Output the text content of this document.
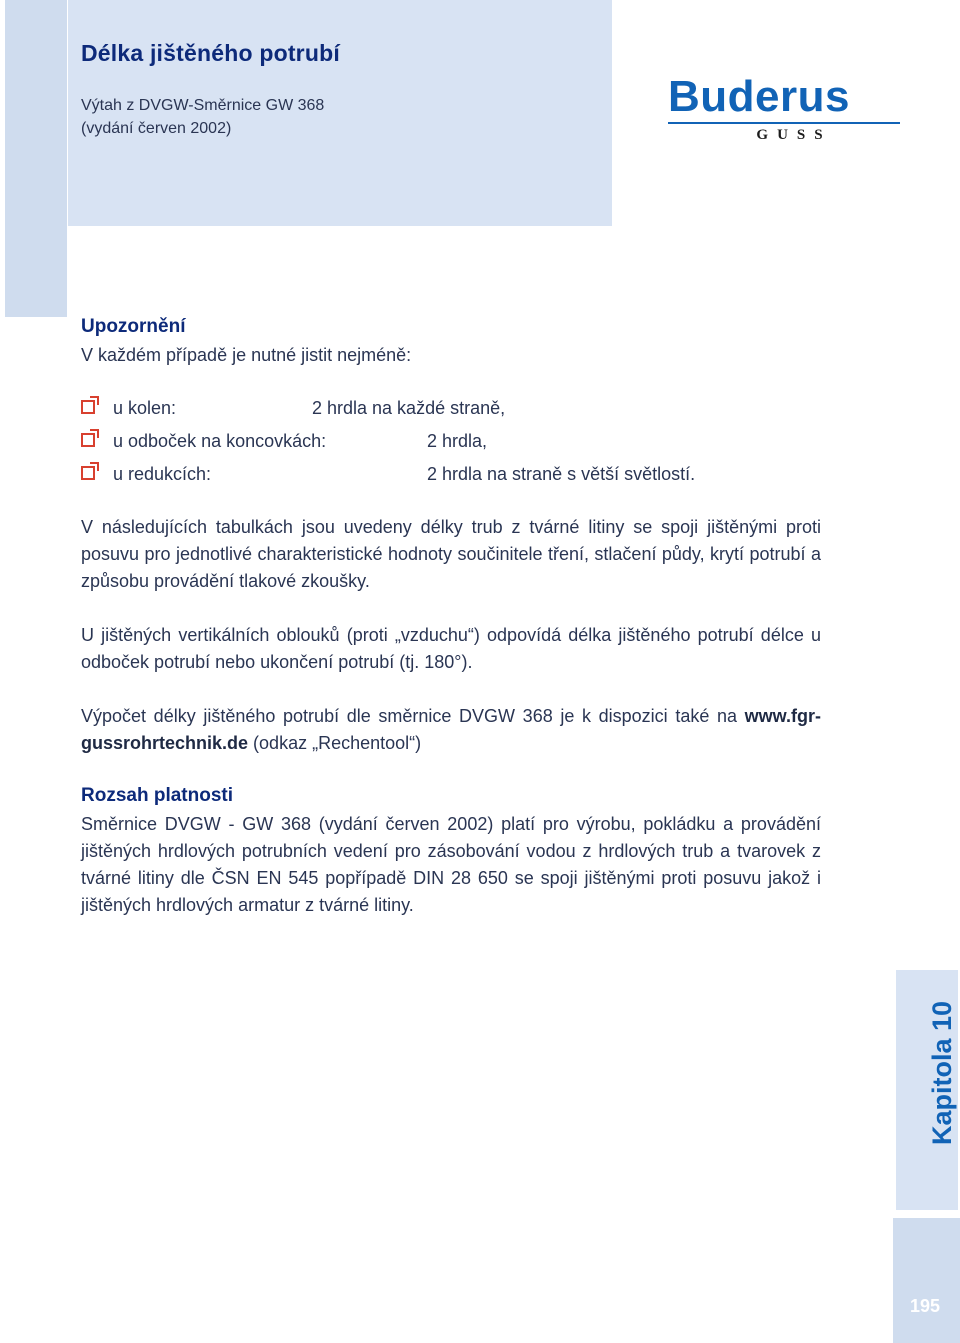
Délka jištěného potrubí
Výtah z DVGW-Směrnice GW 368
(vydání červen 2002)
Buderus
GUSS
Upozornění

V každém případě je nutné jistit nejméně:

u kolen:	2 hrdla na každé straně,
u odboček na koncovkách:	2 hrdla,
u redukcích:	2 hrdla na straně s větší světlostí.

V následujících tabulkách jsou uvedeny délky trub z tvárné litiny se spoji jištěnými proti posuvu pro jednotlivé charakteristické hodnoty součinitele tření, stlačení půdy, krytí potrubí a způsobu provádění tlakové zkoušky.

U jištěných vertikálních oblouků (proti „vzduchu“) odpovídá délka jištěného potrubí délce u odboček potrubí nebo ukončení potrubí (tj. 180°).

Výpočet délky jištěného potrubí dle směrnice DVGW 368 je k dispozici také na www.fgr-gussrohrtechnik.de (odkaz „Rechentool“)

Rozsah platnosti

Směrnice DVGW - GW 368 (vydání červen 2002) platí pro výrobu, pokládku a provádění jištěných hrdlových potrubních vedení pro zásobování vodou z hrdlových trub a tvarovek z tvárné litiny dle ČSN EN 545 popřípadě DIN 28 650 se spoji jištěnými proti posuvu jakož i jištěných hrdlových armatur z tvárné litiny.

Kapitola 10
195
